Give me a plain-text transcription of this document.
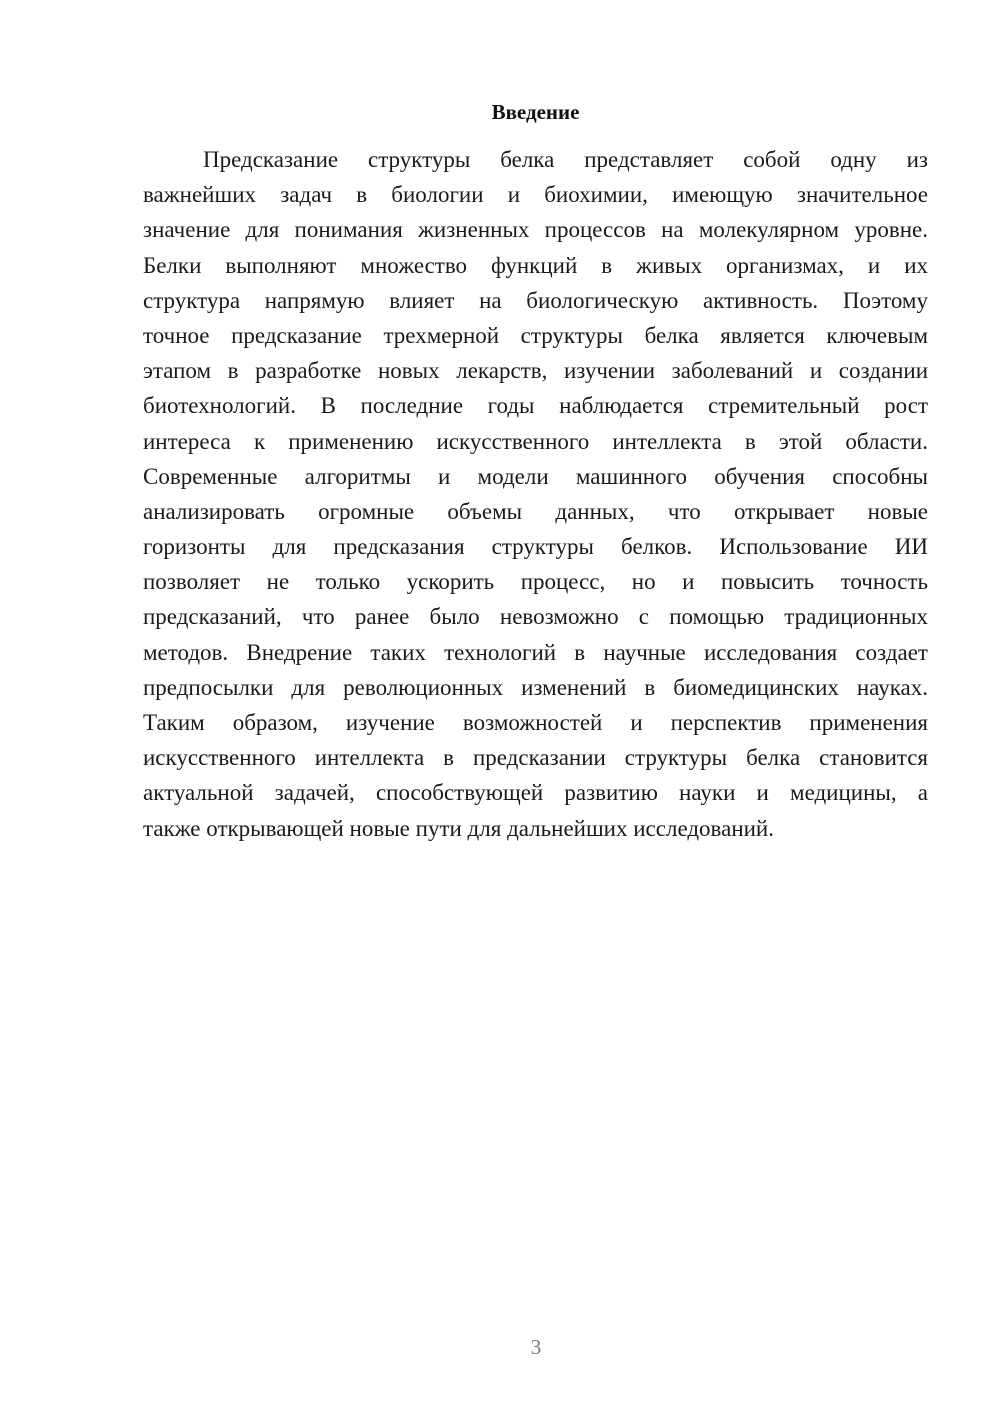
Введение
Предсказание структуры белка представляет собой одну из
важнейших задач в биологии и биохимии, имеющую значительное
значение для понимания жизненных процессов на молекулярном уровне.
Белки выполняют множество функций в живых организмах, и их
структура напрямую влияет на биологическую активность. Поэтому
точное предсказание трехмерной структуры белка является ключевым
этапом в разработке новых лекарств, изучении заболеваний и создании
биотехнологий. В последние годы наблюдается стремительный рост
интереса к применению искусственного интеллекта в этой области.
Современные алгоритмы и модели машинного обучения способны
анализировать огромные объемы данных, что открывает новые
горизонты для предсказания структуры белков. Использование ИИ
позволяет не только ускорить процесс, но и повысить точность
предсказаний, что ранее было невозможно с помощью традиционных
методов. Внедрение таких технологий в научные исследования создает
предпосылки для революционных изменений в биомедицинских науках.
Таким образом, изучение возможностей и перспектив применения
искусственного интеллекта в предсказании структуры белка становится
актуальной задачей, способствующей развитию науки и медицины, а
также открывающей новые пути для дальнейших исследований.
3
